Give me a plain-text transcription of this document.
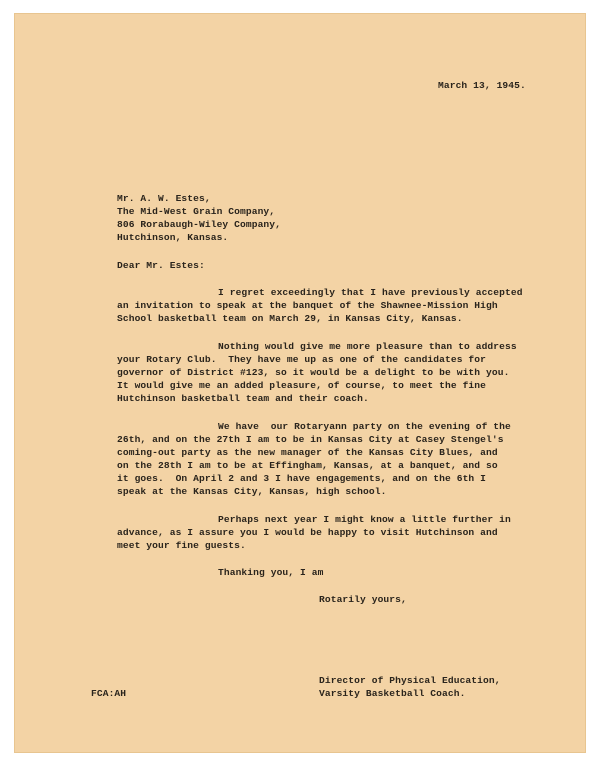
March 13, 1945.
Mr. A. W. Estes,
The Mid-West Grain Company,
806 Rorabaugh-Wiley Company,
Hutchinson, Kansas.
Dear Mr. Estes:
I regret exceedingly that I have previously accepted
an invitation to speak at the banquet of the Shawnee-Mission High
School basketball team on March 29, in Kansas City, Kansas.
Nothing would give me more pleasure than to address
your Rotary Club.  They have me up as one of the candidates for
governor of District #123, so it would be a delight to be with you.
It would give me an added pleasure, of course, to meet the fine
Hutchinson basketball team and their coach.
We have  our Rotaryann party on the evening of the
26th, and on the 27th I am to be in Kansas City at Casey Stengel's
coming-out party as the new manager of the Kansas City Blues, and
on the 28th I am to be at Effingham, Kansas, at a banquet, and so
it goes.  On April 2 and 3 I have engagements, and on the 6th I
speak at the Kansas City, Kansas, high school.
Perhaps next year I might know a little further in
advance, as I assure you I would be happy to visit Hutchinson and
meet your fine guests.
Thanking you, I am
Rotarily yours,
Director of Physical Education,
Varsity Basketball Coach.
FCA:AH
